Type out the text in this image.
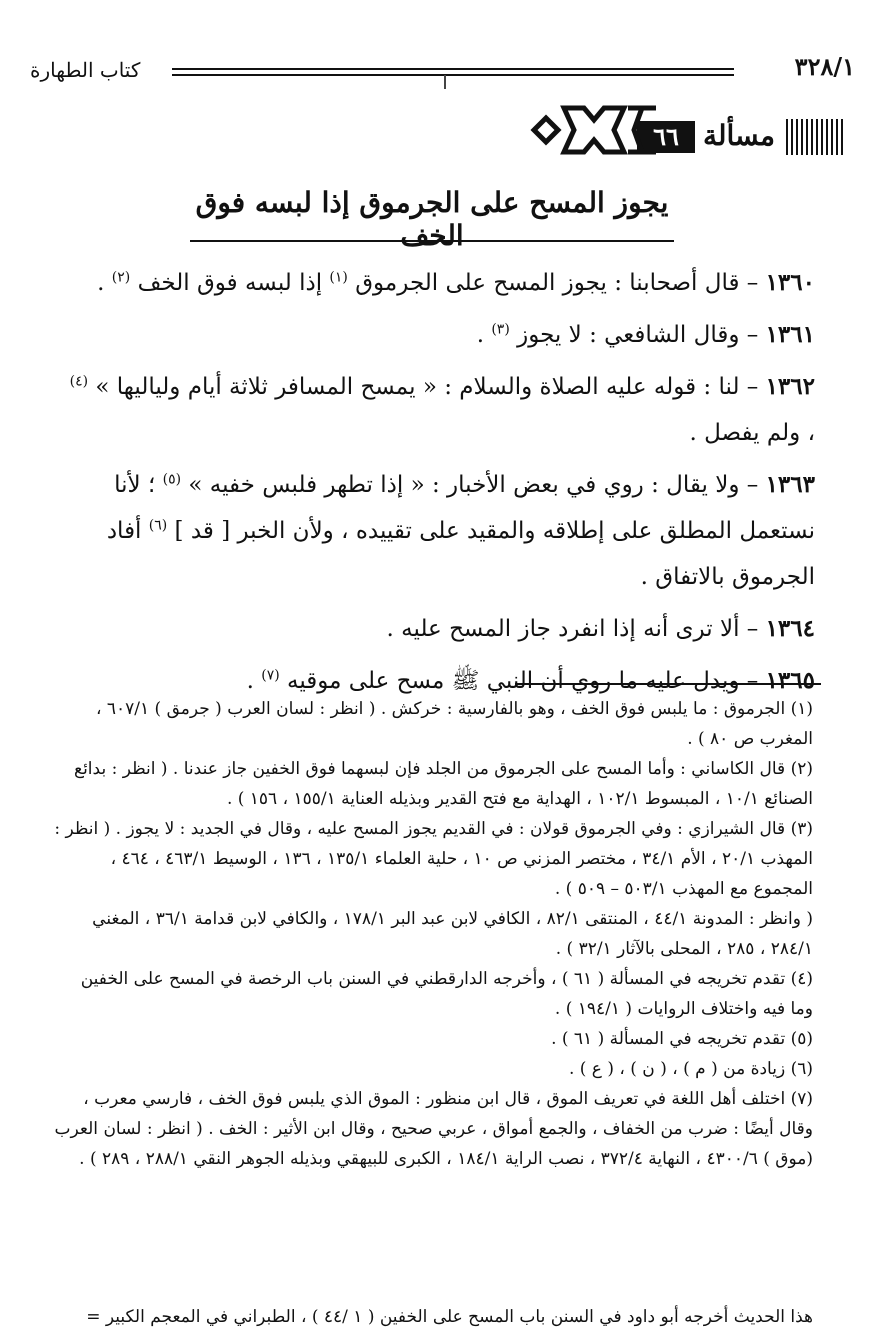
٣٢٨/١
كتاب الطهارة
مسألة
٦٦
يجوز المسح على الجرموق إذا لبسه فوق الخف

١٣٦٠ – قال أصحابنا : يجوز المسح على الجرموق $^{(١)}$ إذا لبسه فوق الخف $^{(٢)}$ .

١٣٦١ – وقال الشافعي : لا يجوز $^{(٣)}$ .

١٣٦٢ – لنا : قوله عليه الصلاة والسلام : « يمسح المسافر ثلاثة أيام ولياليها » $^{(٤)}$ ، ولم يفصل .

١٣٦٣ – ولا يقال : روي في بعض الأخبار : « إذا تطهر فلبس خفيه » $^{(٥)}$ ؛ لأنا نستعمل المطلق على إطلاقه والمقيد على تقييده ، ولأن الخبر [ قد ] $^{(٦)}$ أفاد الجرموق بالاتفاق .

١٣٦٤ – ألا ترى أنه إذا انفرد جاز المسح عليه .

١٣٦٥ – ويدل عليه ما روي أن النبي ﷺ مسح على موقيه $^{(٧)}$ .

(١) الجرموق : ما يلبس فوق الخف ، وهو بالفارسية : خركش . ( انظر : لسان العرب ( جرمق ) ٦٠٧/١ ، المغرب ص ٨٠ ) .

(٢) قال الكاساني : وأما المسح على الجرموق من الجلد فإن لبسهما فوق الخفين جاز عندنا . ( انظر : بدائع الصنائع ١٠/١ ، المبسوط ١٠٢/١ ، الهداية مع فتح القدير وبذيله العناية ١٥٥/١ ، ١٥٦ ) .

(٣) قال الشيرازي : وفي الجرموق قولان : في القديم يجوز المسح عليه ، وقال في الجديد : لا يجوز . ( انظر : المهذب ٢٠/١ ، الأم ٣٤/١ ، مختصر المزني ص ١٠ ، حلية العلماء ١٣٥/١ ، ١٣٦ ، الوسيط ٤٦٣/١ ، ٤٦٤ ، المجموع مع المهذب ٥٠٣/١ – ٥٠٩ ) .

( وانظر : المدونة ٤٤/١ ، المنتقى ٨٢/١ ، الكافي لابن عبد البر ١٧٨/١ ، والكافي لابن قدامة ٣٦/١ ، المغني ٢٨٤/١ ، ٢٨٥ ، المحلى بالآثار ٣٢/١ ) .

(٤) تقدم تخريجه في المسألة ( ٦١ ) ، وأخرجه الدارقطني في السنن باب الرخصة في المسح على الخفين وما فيه واختلاف الروايات ( ١٩٤/١ ) .

(٥) تقدم تخريجه في المسألة ( ٦١ ) .

(٦) زيادة من ( م ) ، ( ن ) ، ( ع ) .

(٧) اختلف أهل اللغة في تعريف الموق ، قال ابن منظور : الموق الذي يلبس فوق الخف ، فارسي معرب ، وقال أيضًا : ضرب من الخفاف ، والجمع أمواق ، عربي صحيح ، وقال ابن الأثير : الخف . ( انظر : لسان العرب (موق ) ٤٣٠٠/٦ ، النهاية ٣٧٢/٤ ، نصب الراية ١٨٤/١ ، الكبرى للبيهقي وبذيله الجوهر النقي ٢٨٨/١ ، ٢٨٩ ) .

هذا الحديث أخرجه أبو داود في السنن باب المسح على الخفين ( ١ /٤٤ ) ، الطبراني في المعجم الكبير =
